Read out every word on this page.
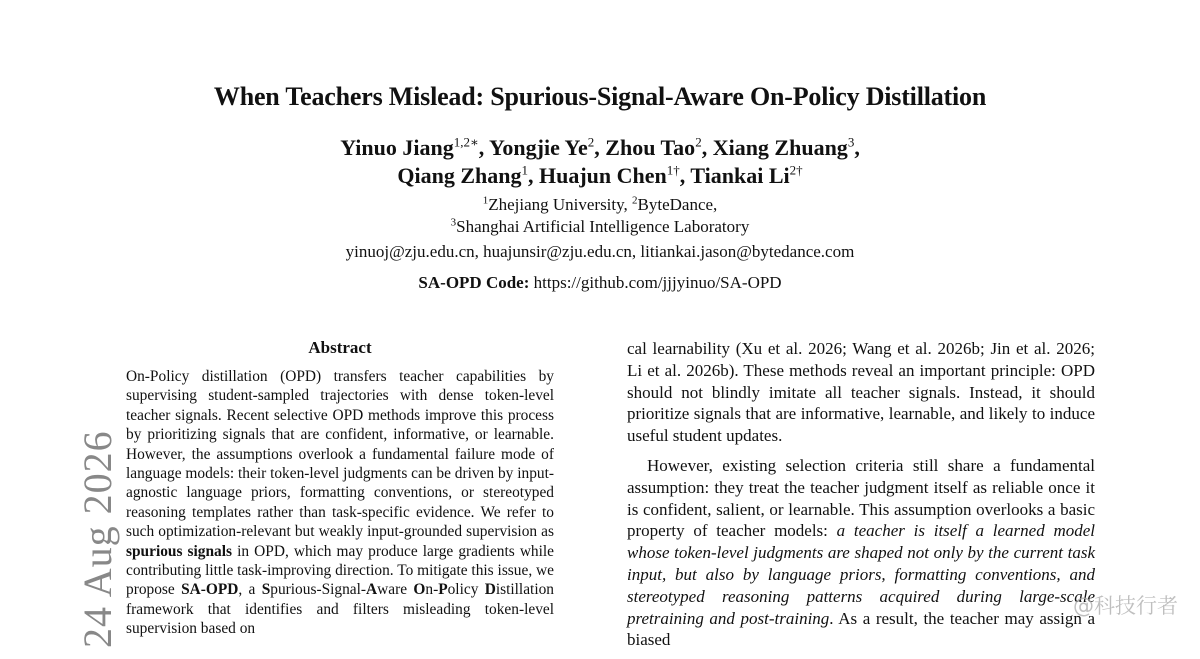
When Teachers Mislead: Spurious-Signal-Aware On-Policy Distillation
Yinuo Jiang$^{1,2∗}$, Yongjie Ye$^2$, Zhou Tao$^2$, Xiang Zhuang$^3$,
Qiang Zhang$^1$, Huajun Chen$^{1\dagger}$, Tiankai $Li^{2\dagger}$
$^1$Zhejiang University, $^2$ByteDance,
$^3$Shanghai Artificial Intelligence Laboratory
yinuoj@zju.edu.cn, huajunsir@zju.edu.cn, litiankai.jason@bytedance.com
SA-OPD Code: https://github.com/jjjyinuo/SA-OPD
Abstract
On-Policy distillation (OPD) transfers teacher capabilities by supervising student-sampled trajectories with dense token-level teacher signals. Recent selective OPD methods improve this process by prioritizing signals that are confident, informative, or learnable. However, the assumptions overlook a fundamental failure mode of language models: their token-level judgments can be driven by input-agnostic language priors, formatting conventions, or stereotyped reasoning templates rather than task-specific evidence. We refer to such optimization-relevant but weakly input-grounded supervision as spurious signals in OPD, which may produce large gradients while contributing little task-improving direction. To mitigate this issue, we propose SA-OPD, a Spurious-Signal-Aware On-Policy Distillation framework that identifies and filters misleading token-level supervision based on

cal learnability (Xu et al. 2026; Wang et al. 2026b; Jin et al. 2026; Li et al. 2026b). These methods reveal an important principle: OPD should not blindly imitate all teacher signals. Instead, it should prioritize signals that are informative, learnable, and likely to induce useful student updates.

However, existing selection criteria still share a fundamental assumption: they treat the teacher judgment itself as reliable once it is confident, salient, or learnable. This assumption overlooks a basic property of teacher models: a teacher is itself a learned model whose token-level judgments are shaped not only by the current task input, but also by language priors, formatting conventions, and stereotyped reasoning patterns acquired during large-scale pretraining and post-training. As a result, the teacher may assign a biased

24 Aug 2026	@科技行者
